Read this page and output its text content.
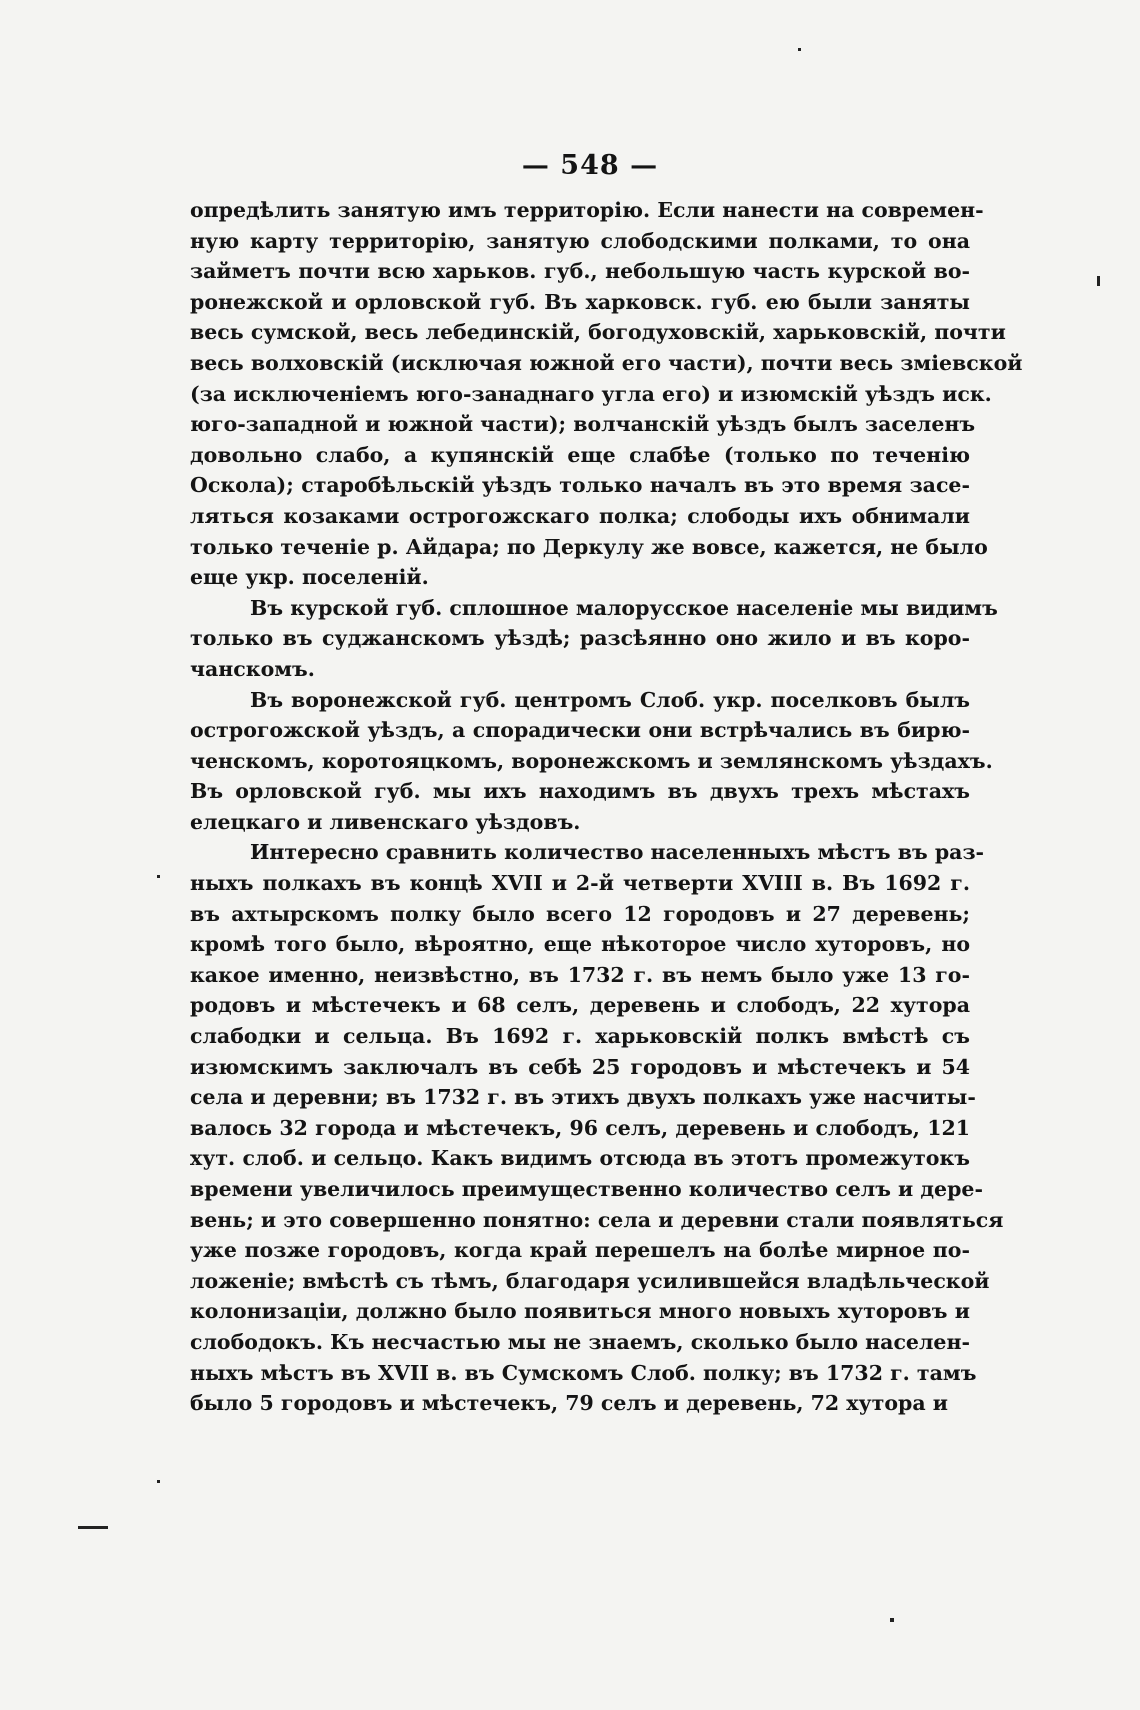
— 548 —
опредѣлить занятую имъ территорію. Если нанести на современ-
ную карту территорію, занятую слободскими полками, то она
займетъ почти всю харьков. губ., небольшую часть курской во-
ронежской и орловской губ. Въ харковск. губ. ею были заняты
весь сумской, весь лебединскій, богодуховскій, харьковскій, почти
весь волховскій (исключая южной его части), почти весь зміевской
(за исключеніемъ юго-занаднаго угла его) и изюмскій уѣздъ иск.
юго-западной и южной части); волчанскій уѣздъ былъ заселенъ
довольно слабо, а купянскій еще слабѣе (только по теченію
Оскола); старобѣльскій уѣздъ только началъ въ это время засе-
ляться козаками острогожскаго полка; слободы ихъ обнимали
только теченіе р. Айдара; по Деркулу же вовсе, кажется, не было
еще укр. поселеній.
Въ курской губ. сплошное малорусское населеніе мы видимъ
только въ суджанскомъ уѣздѣ; разсѣянно оно жило и въ коро-
чанскомъ.
Въ воронежской губ. центромъ Слоб. укр. поселковъ былъ
острогожской уѣздъ, а спорадически они встрѣчались въ бирю-
ченскомъ, коротояцкомъ, воронежскомъ и землянскомъ уѣздахъ.
Въ орловской губ. мы ихъ находимъ въ двухъ трехъ мѣстахъ
елецкаго и ливенскаго уѣздовъ.
Интересно сравнить количество населенныхъ мѣстъ въ раз-
ныхъ полкахъ въ концѣ XVII и 2-й четверти XVIII в. Въ 1692 г.
въ ахтырскомъ полку было всего 12 городовъ и 27 деревень;
кромѣ того было, вѣроятно, еще нѣкоторое число хуторовъ, но
какое именно, неизвѣстно, въ 1732 г. въ немъ было уже 13 го-
родовъ и мѣстечекъ и 68 селъ, деревень и слободъ, 22 хутора
слабодки и сельца. Въ 1692 г. харьковскій полкъ вмѣстѣ съ
изюмскимъ заключалъ въ себѣ 25 городовъ и мѣстечекъ и 54
села и деревни; въ 1732 г. въ этихъ двухъ полкахъ уже насчиты-
валось 32 города и мѣстечекъ, 96 селъ, деревень и слободъ, 121
хут. слоб. и сельцо. Какъ видимъ отсюда въ этотъ промежутокъ
времени увеличилось преимущественно количество селъ и дере-
вень; и это совершенно понятно: села и деревни стали появляться
уже позже городовъ, когда край перешелъ на болѣе мирное по-
ложеніе; вмѣстѣ съ тѣмъ, благодаря усилившейся владѣльческой
колонизаціи, должно было появиться много новыхъ хуторовъ и
слободокъ. Къ несчастью мы не знаемъ, сколько было населен-
ныхъ мѣстъ въ XVII в. въ Сумскомъ Слоб. полку; въ 1732 г. тамъ
было 5 городовъ и мѣстечекъ, 79 селъ и деревень, 72 хутора и
